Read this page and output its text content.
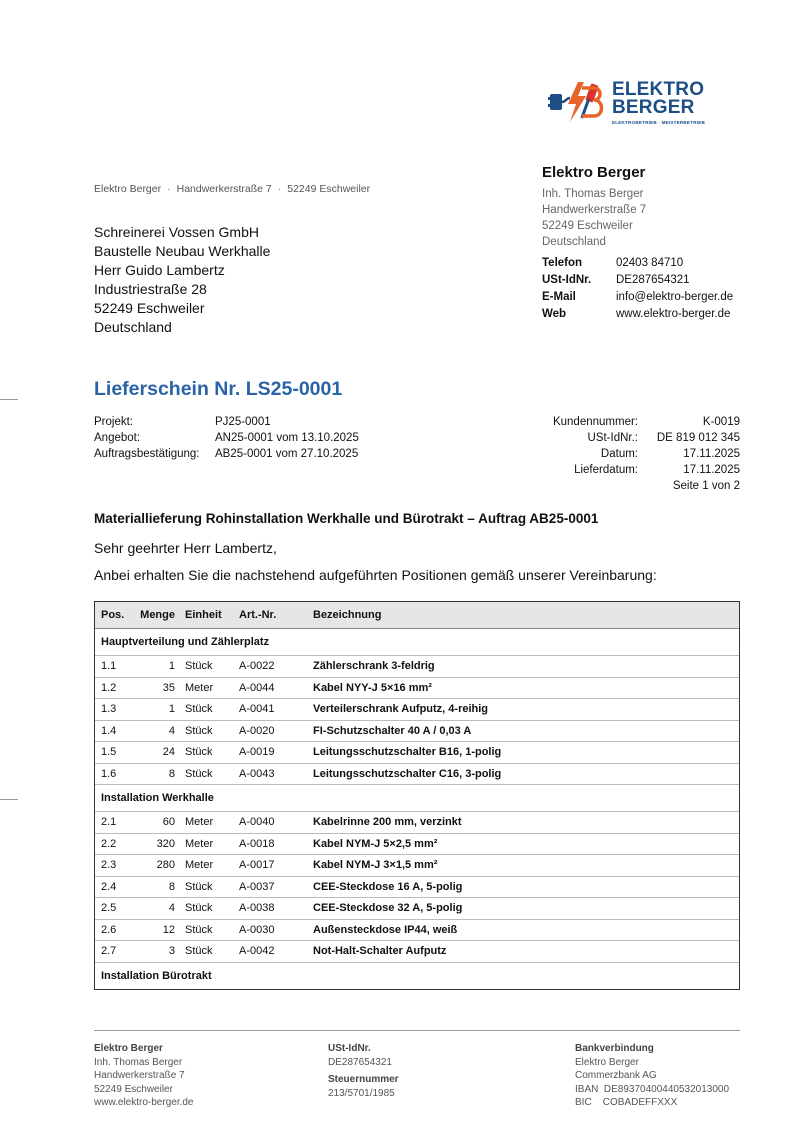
ELEKTRO
BERGER
ELEKTROBETRIEB · MEISTERBETRIEB
Elektro Berger · Handwerkerstraße 7 · 52249 Eschweiler
Schreinerei Vossen GmbH
Baustelle Neubau Werkhalle
Herr Guido Lambertz
Industriestraße 28
52249 Eschweiler
Deutschland
Elektro Berger
Inh. Thomas Berger
Handwerkerstraße 7
52249 Eschweiler
Deutschland
Telefon	02403 84710
USt-IdNr.	DE287654321
E-Mail	info@elektro-berger.de
Web	www.elektro-berger.de
Lieferschein Nr. LS25-0001
Projekt:	PJ25-0001
Angebot:	AN25-0001 vom 13.10.2025
Auftragsbestätigung:	AB25-0001 vom 27.10.2025
Kundennummer:	K-0019
USt-IdNr.:	DE 819 012 345
Datum:	17.11.2025
Lieferdatum:	17.11.2025
Seite 1 von 2
Materiallieferung Rohinstallation Werkhalle und Bürotrakt – Auftrag AB25-0001
Sehr geehrter Herr Lambertz,
Anbei erhalten Sie die nachstehend aufgeführten Positionen gemäß unserer Vereinbarung:
Pos.	Menge Einheit	Art.-Nr.	Bezeichnung
Hauptverteilung und Zählerplatz
1.1	1 Stück	A-0022	Zählerschrank 3-feldrig
1.2	35 Meter	A-0044	Kabel NYY-J 5×16 mm²
1.3	1 Stück	A-0041	Verteilerschrank Aufputz, 4-reihig
1.4	4 Stück	A-0020	FI-Schutzschalter 40 A / 0,03 A
1.5	24 Stück	A-0019	Leitungsschutzschalter B16, 1-polig
1.6	8 Stück	A-0043	Leitungsschutzschalter C16, 3-polig
Installation Werkhalle
2.1	60 Meter	A-0040	Kabelrinne 200 mm, verzinkt
2.2	320 Meter	A-0018	Kabel NYM-J 5×2,5 mm²
2.3	280 Meter	A-0017	Kabel NYM-J 3×1,5 mm²
2.4	8 Stück	A-0037	CEE-Steckdose 16 A, 5-polig
2.5	4 Stück	A-0038	CEE-Steckdose 32 A, 5-polig
2.6	12 Stück	A-0030	Außensteckdose IP44, weiß
2.7	3 Stück	A-0042	Not-Halt-Schalter Aufputz
Installation Bürotrakt
Elektro Berger
Inh. Thomas Berger
Handwerkerstraße 7
52249 Eschweiler
www.elektro-berger.de
USt-IdNr.
DE287654321
Steuernummer
213/5701/1985
Bankverbindung
Elektro Berger
Commerzbank AG
IBAN DE89370400440532013000
BIC COBADEFFXXX
